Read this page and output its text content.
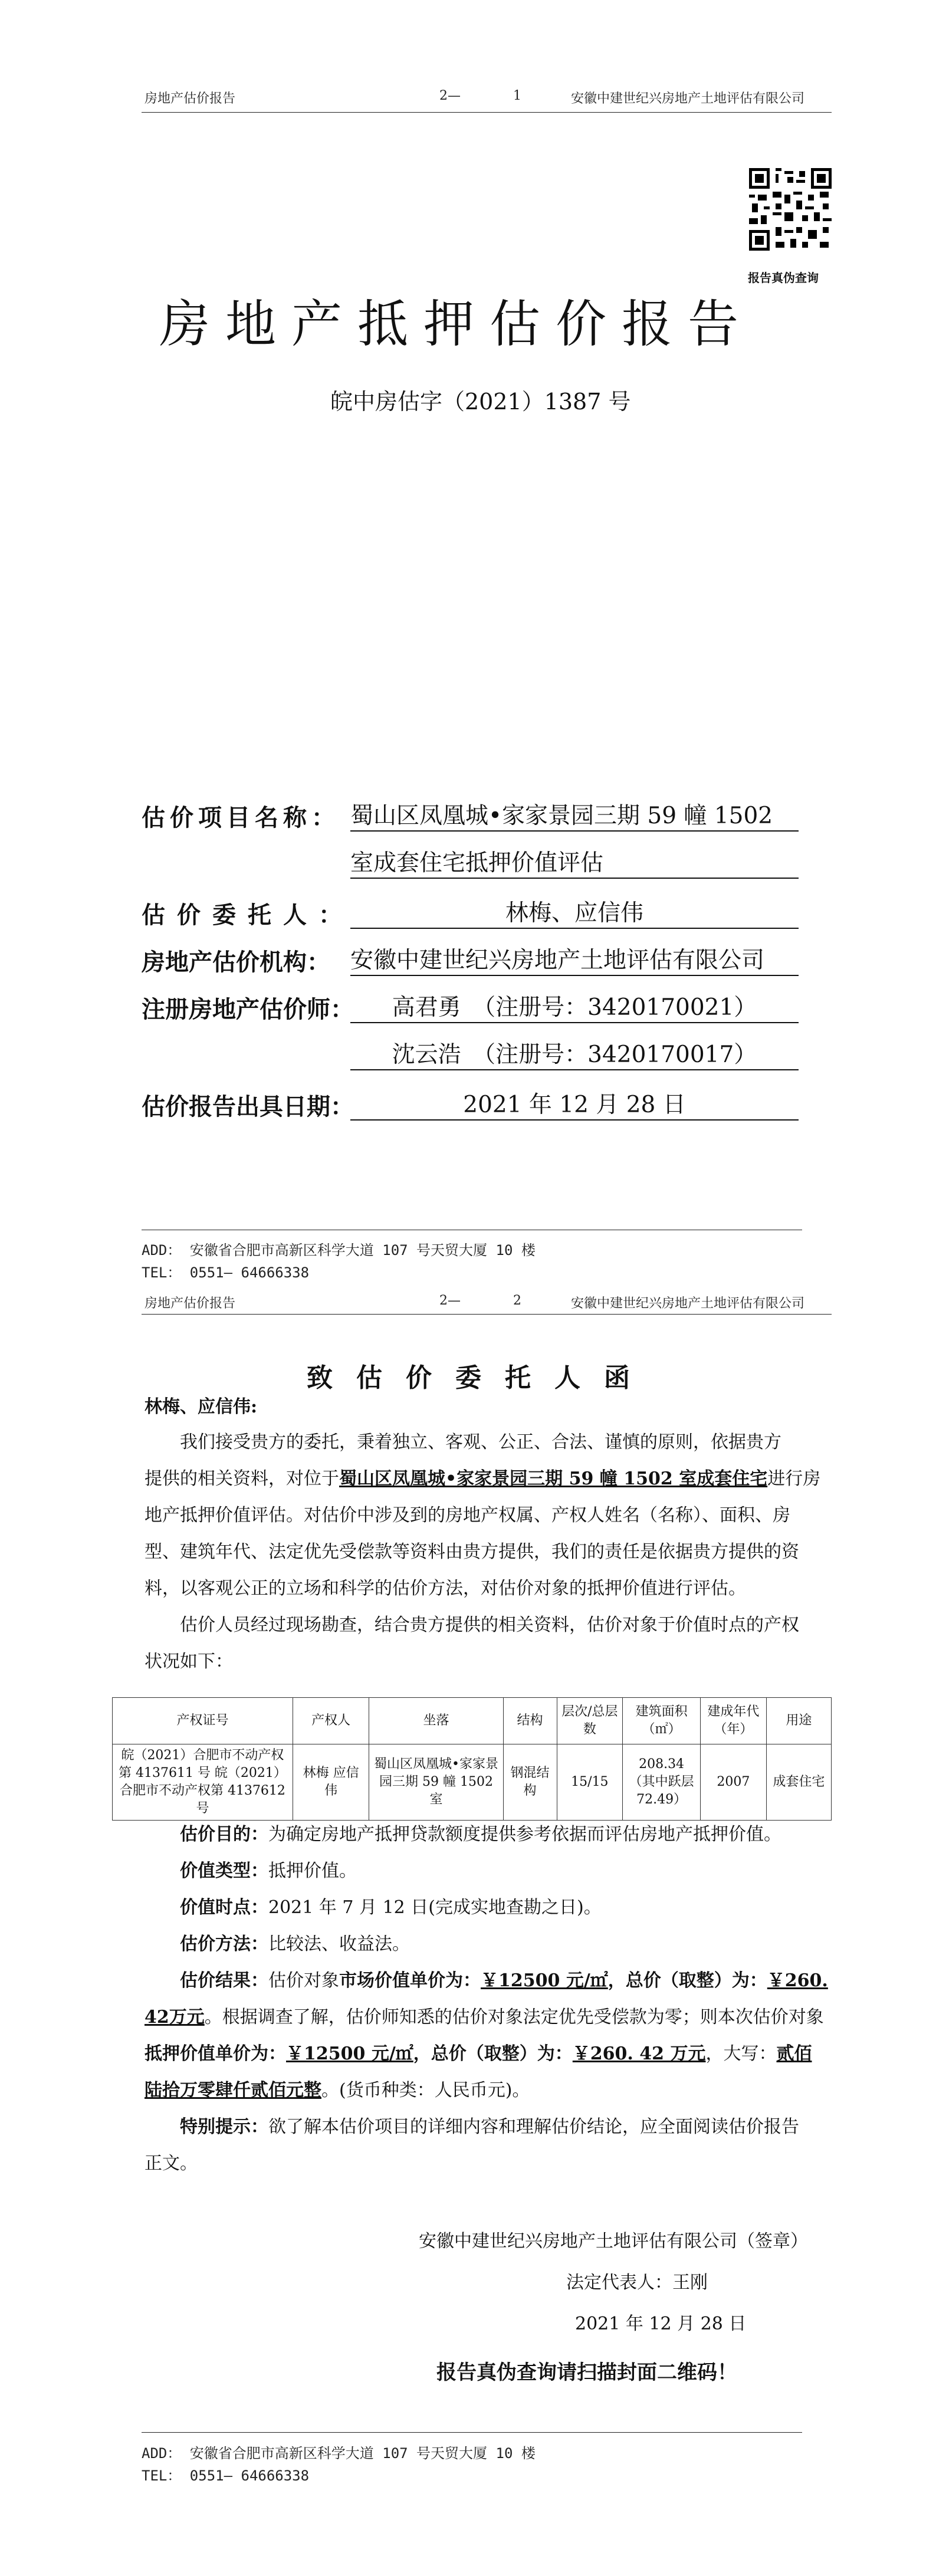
房地产估价报告	2—	1	安徽中建世纪兴房地产土地评估有限公司
报告真伪查询
房地产抵押估价报告
皖中房估字（2021）1387 号
估价项目名称： 蜀山区凤凰城•家家景园三期 59 幢 1502
室成套住宅抵押价值评估
估价委托人：	林梅、应信伟
房地产估价机构： 安徽中建世纪兴房地产土地评估有限公司
注册房地产估价师：	高君勇　（注册号：3420170021）
沈云浩　（注册号：3420170017）
估价报告出具日期：	2021 年 12 月 28 日
ADD： 安徽省合肥市高新区科学大道 107 号天贸大厦 10 楼
TEL： 0551— 64666338
房地产估价报告	2—	2	安徽中建世纪兴房地产土地评估有限公司
致估价委托人函
林梅、应信伟:
我们接受贵方的委托，秉着独立、客观、公正、合法、谨慎的原则，依据贵方
提供的相关资料，对位于蜀山区凤凰城•家家景园三期 59 幢 1502 室成套住宅进行房
地产抵押价值评估。对估价中涉及到的房地产权属、产权人姓名（名称）、面积、房
型、建筑年代、法定优先受偿款等资料由贵方提供，我们的责任是依据贵方提供的资
料，以客观公正的立场和科学的估价方法，对估价对象的抵押价值进行评估。
估价人员经过现场勘查，结合贵方提供的相关资料，估价对象于价值时点的产权
状况如下：
产权证号	产权人	坐落	结构	层次/总层数	建筑面积（㎡）	建成年代（年）	用途
皖（2021）合肥市不动产权第 4137611 号 皖（2021）合肥市不动产权第 4137612 号	林梅 应信伟	蜀山区凤凰城•家家景园三期 59 幢 1502 室	钢混结构	15/15	208.34（其中跃层 72.49）	2007	成套住宅
估价目的：为确定房地产抵押贷款额度提供参考依据而评估房地产抵押价值。
价值类型：抵押价值。
价值时点：2021 年 7 月 12 日(完成实地查勘之日)。
估价方法：比较法、收益法。
估价结果：估价对象市场价值单价为：￥12500 元/㎡，总价（取整）为：￥260. 42万元。根据调查了解，估价师知悉的估价对象法定优先受偿款为零；则本次估价对象抵押价值单价为：￥12500 元/㎡，总价（取整）为：￥260. 42 万元，大写：贰佰陆拾万零肆仟贰佰元整。(货币种类：人民币元)。
特别提示：欲了解本估价项目的详细内容和理解估价结论，应全面阅读估价报告
正文。
安徽中建世纪兴房地产土地评估有限公司（签章）
法定代表人：王刚
2021 年 12 月 28 日
报告真伪查询请扫描封面二维码！
ADD： 安徽省合肥市高新区科学大道 107 号天贸大厦 10 楼
TEL： 0551— 64666338
